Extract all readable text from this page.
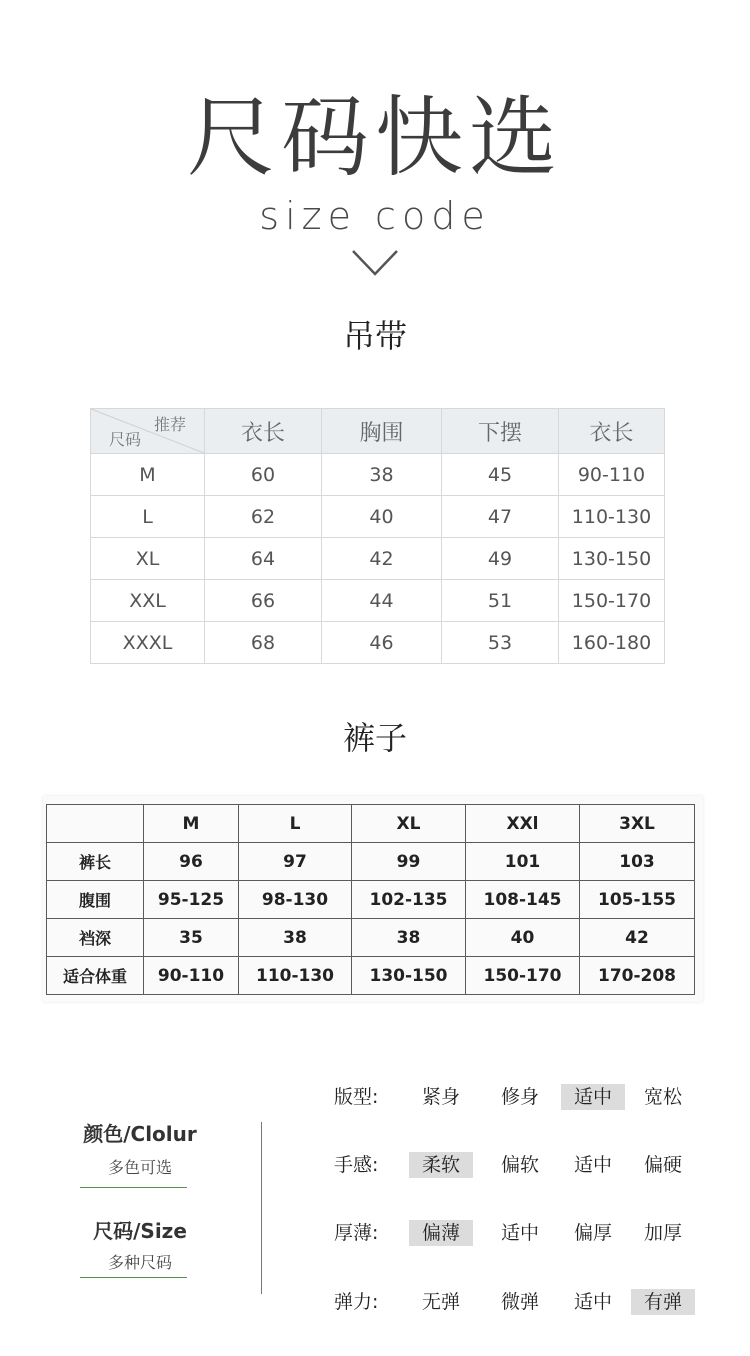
尺码快选
size code
吊带
推荐
尺码	衣长	胸围	下摆	衣长
M	60	38	45	90-110
L	62	40	47	110-130
XL	64	42	49	130-150
XXL	66	44	51	150-170
XXXL	68	46	53	160-180
裤子
	M	L	XL	XXl	3XL
裤长	96	97	99	101	103
腹围	95-125	98-130	102-135	108-145	105-155
裆深	35	38	38	40	42
适合体重	90-110	110-130	130-150	150-170	170-208
颜色/Clolur
多色可选
尺码/Size
多种尺码
版型:	紧身	修身	适中	宽松
手感:	柔软	偏软	适中	偏硬
厚薄:	偏薄	适中	偏厚	加厚
弹力:	无弹	微弹	适中	有弹
